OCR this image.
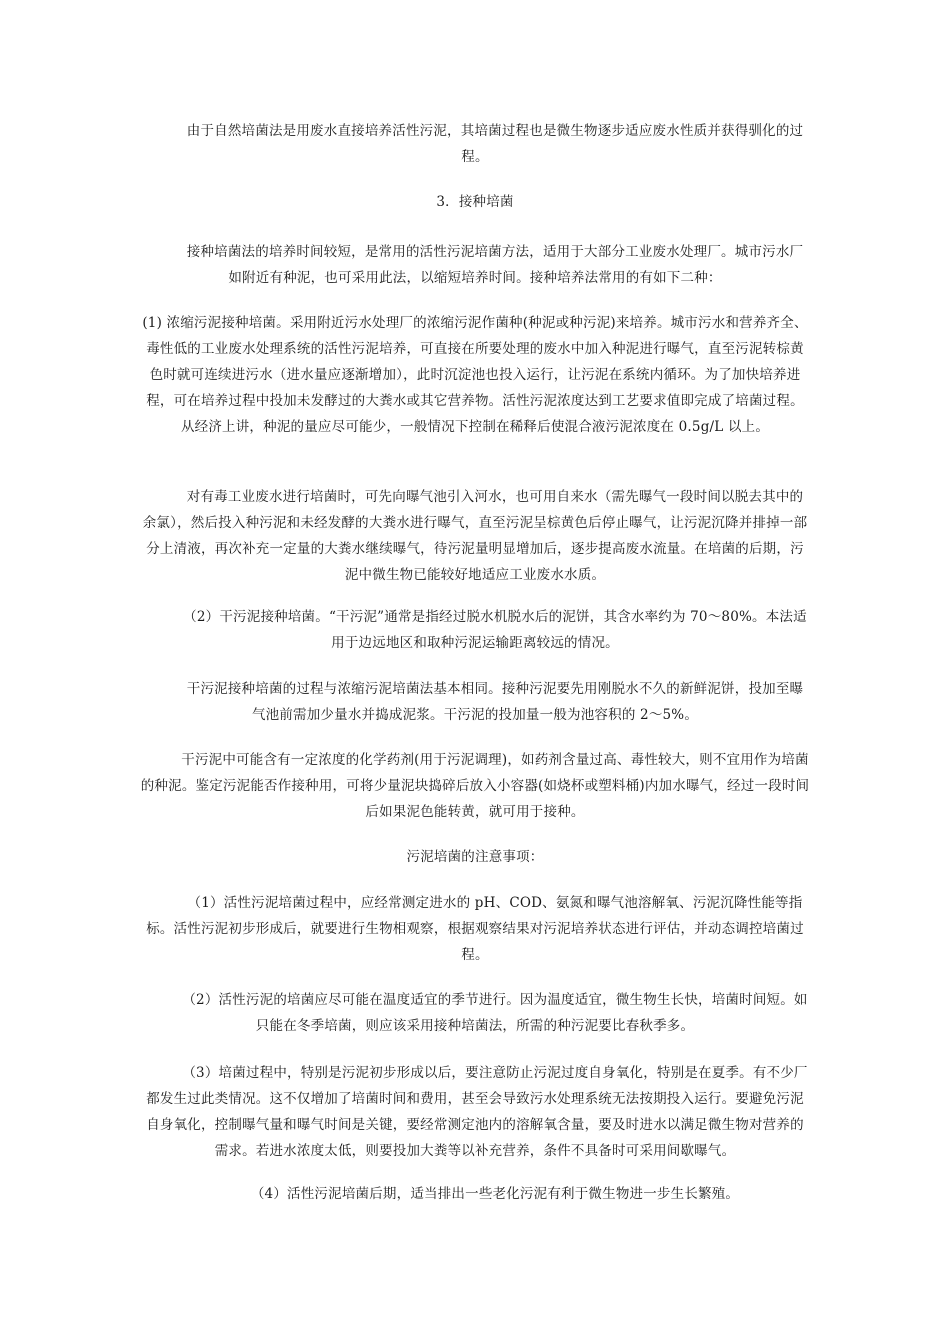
由于自然培菌法是用废水直接培养活性污泥，其培菌过程也是微生物逐步适应废水性质并获得驯化的过程。

3．接种培菌

接种培菌法的培养时间较短，是常用的活性污泥培菌方法，适用于大部分工业废水处理厂。城市污水厂如附近有种泥，也可采用此法，以缩短培养时间。接种培养法常用的有如下二种：

(1) 浓缩污泥接种培菌。采用附近污水处理厂的浓缩污泥作菌种(种泥或种污泥)来培养。城市污水和营养齐全、毒性低的工业废水处理系统的活性污泥培养，可直接在所要处理的废水中加入种泥进行曝气，直至污泥转棕黄色时就可连续进污水（进水量应逐渐增加），此时沉淀池也投入运行，让污泥在系统内循环。为了加快培养进程，可在培养过程中投加未发酵过的大粪水或其它营养物。活性污泥浓度达到工艺要求值即完成了培菌过程。从经济上讲，种泥的量应尽可能少，一般情况下控制在稀释后使混合液污泥浓度在 0.5g/L 以上。

对有毒工业废水进行培菌时，可先向曝气池引入河水，也可用自来水（需先曝气一段时间以脱去其中的余氯），然后投入种污泥和未经发酵的大粪水进行曝气，直至污泥呈棕黄色后停止曝气，让污泥沉降并排掉一部分上清液，再次补充一定量的大粪水继续曝气，待污泥量明显增加后，逐步提高废水流量。在培菌的后期，污泥中微生物已能较好地适应工业废水水质。

（2）干污泥接种培菌。“干污泥”通常是指经过脱水机脱水后的泥饼，其含水率约为 70～80%。本法适用于边远地区和取种污泥运输距离较远的情况。

干污泥接种培菌的过程与浓缩污泥培菌法基本相同。接种污泥要先用刚脱水不久的新鲜泥饼，投加至曝气池前需加少量水并捣成泥浆。干污泥的投加量一般为池容积的 2～5%。

干污泥中可能含有一定浓度的化学药剂(用于污泥调理)，如药剂含量过高、毒性较大，则不宜用作为培菌的种泥。鉴定污泥能否作接种用，可将少量泥块捣碎后放入小容器(如烧杯或塑料桶)内加水曝气，经过一段时间后如果泥色能转黄，就可用于接种。

污泥培菌的注意事项：

（1）活性污泥培菌过程中，应经常测定进水的 pH、COD、氨氮和曝气池溶解氧、污泥沉降性能等指标。活性污泥初步形成后，就要进行生物相观察，根据观察结果对污泥培养状态进行评估，并动态调控培菌过程。

（2）活性污泥的培菌应尽可能在温度适宜的季节进行。因为温度适宜，微生物生长快，培菌时间短。如只能在冬季培菌，则应该采用接种培菌法，所需的种污泥要比春秋季多。

（3）培菌过程中，特别是污泥初步形成以后，要注意防止污泥过度自身氧化，特别是在夏季。有不少厂都发生过此类情况。这不仅增加了培菌时间和费用，甚至会导致污水处理系统无法按期投入运行。要避免污泥自身氧化，控制曝气量和曝气时间是关键，要经常测定池内的溶解氧含量，要及时进水以满足微生物对营养的需求。若进水浓度太低，则要投加大粪等以补充营养，条件不具备时可采用间歇曝气。

（4）活性污泥培菌后期，适当排出一些老化污泥有利于微生物进一步生长繁殖。
